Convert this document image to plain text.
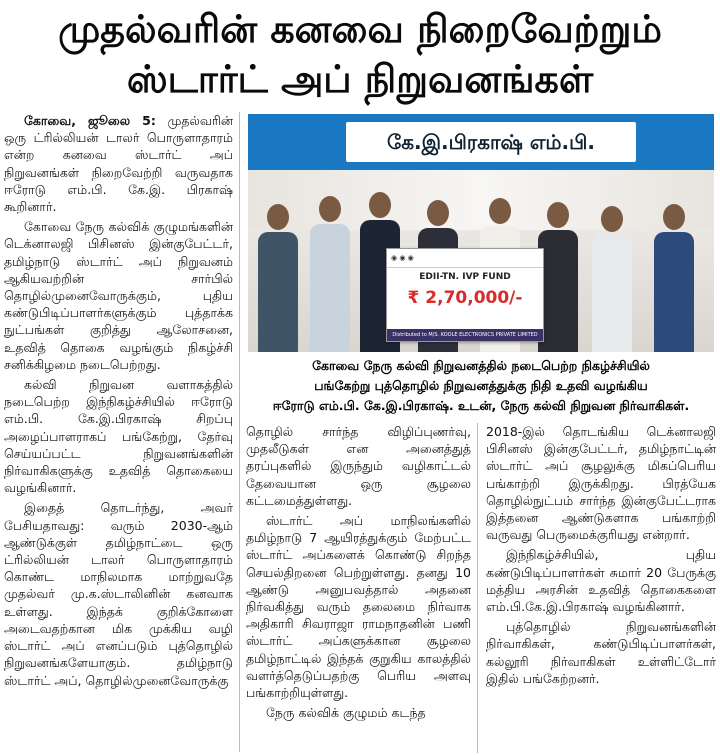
முதல்வரின் கனவை நிறைவேற்றும்
ஸ்டார்ட் அப் நிறுவனங்கள்

கோவை, ஜூலை 5: முதல்வரின் ஒரு ட்ரில்லியன் டாலர் பொருளாதாரம் என்ற கனவை ஸ்டார்ட் அப் நிறுவனங்கள் நிறைவேற்றி வருவதாக ஈரோடு எம்.பி. கே.இ. பிரகாஷ் கூறினார்.

கோவை நேரு கல்விக் குழுமங்களின் டெக்னாலஜி பிசினஸ் இன்குபேட்டர், தமிழ்நாடு ஸ்டார்ட் அப் நிறுவனம் ஆகியவற்றின் சார்பில் தொழில்முனைவோருக்கும், புதிய கண்டுபிடிப்பாளர்களுக்கும் புத்தாக்க நுட்பங்கள் குறித்து ஆலோசனை, உதவித் தொகை வழங்கும் நிகழ்ச்சி சனிக்கிழமை நடைபெற்றது.

கல்வி நிறுவன வளாகத்தில் நடைபெற்ற இந்நிகழ்ச்சியில் ஈரோடு எம்.பி. கே.இ.பிரகாஷ் சிறப்பு அழைப்பாளராகப் பங்கேற்று, தேர்வு செய்யப்பட்ட நிறுவனங்களின் நிர்வாகிகளுக்கு உதவித் தொகையை வழங்கினார்.

இதைத் தொடர்ந்து, அவர் பேசியதாவது: வரும் 2030-ஆம் ஆண்டுக்குள் தமிழ்நாட்டை ஒரு ட்ரில்லியன் டாலர் பொருளாதாரம் கொண்ட மாநிலமாக மாற்றுவதே முதல்வர் மு.க.ஸ்டாலினின் கனவாக உள்ளது. இந்தக் குறிக்கோளை அடைவதற்கான மிக முக்கிய வழி ஸ்டார்ட் அப் எனப்படும் புத்தொழில் நிறுவனங்களேயாகும். தமிழ்நாடு ஸ்டார்ட் அப், தொழில்முனைவோருக்கு

கே.இ.பிரகாஷ் எம்.பி.
◉ ◉ ◉
EDII-TN. IVP FUND
₹ 2,70,000/-
Distributed to M/S. KOOLE ELECTRONICS PRIVATE LIMITED
கோவை நேரு கல்வி நிறுவனத்தில் நடைபெற்ற நிகழ்ச்சியில்
பங்கேற்று புத்தொழில் நிறுவனத்துக்கு நிதி உதவி வழங்கிய
ஈரோடு எம்.பி. கே.இ.பிரகாஷ். உடன், நேரு கல்வி நிறுவன நிர்வாகிகள்.

தொழில் சார்ந்த விழிப்புணர்வு, முதலீடுகள் என அனைத்துத் தரப்புகளில் இருந்தும் வழிகாட்டல் தேவையான ஒரு சூழலை கட்டமைத்துள்ளது.

ஸ்டார்ட் அப் மாநிலங்களில் தமிழ்நாடு 7 ஆயிரத்துக்கும் மேற்பட்ட ஸ்டார்ட் அப்களைக் கொண்டு சிறந்த செயல்திறனை பெற்றுள்ளது. தனது 10 ஆண்டு அனுபவத்தால் அதனை நிர்வகித்து வரும் தலைமை நிர்வாக அதிகாரி சிவராஜா ராமநாதனின் பணி ஸ்டார்ட் அப்களுக்கான சூழலை தமிழ்நாட்டில் இந்தக் குறுகிய காலத்தில் வளர்த்தெடுப்பதற்கு பெரிய அளவு பங்காற்றியுள்ளது.

நேரு கல்விக் குழுமம் கடந்த

2018-இல் தொடங்கிய டெக்னாலஜி பிசினஸ் இன்குபேட்டர், தமிழ்நாட்டின் ஸ்டார்ட் அப் சூழலுக்கு மிகப்பெரிய பங்காற்றி இருக்கிறது. பிரத்யேக தொழில்நுட்பம் சார்ந்த இன்குபேட்டராக இத்தனை ஆண்டுகளாக பங்காற்றி வருவது பெருமைக்குரியது என்றார்.

இந்நிகழ்ச்சியில், புதிய கண்டுபிடிப்பாளர்கள் சுமார் 20 பேருக்கு மத்திய அரசின் உதவித் தொகைகளை எம்.பி.கே.இ.பிரகாஷ் வழங்கினார்.

புத்தொழில் நிறுவனங்களின் நிர்வாகிகள், கண்டுபிடிப்பாளர்கள், கல்லூரி நிர்வாகிகள் உள்ளிட்டோர் இதில் பங்கேற்றனர்.
